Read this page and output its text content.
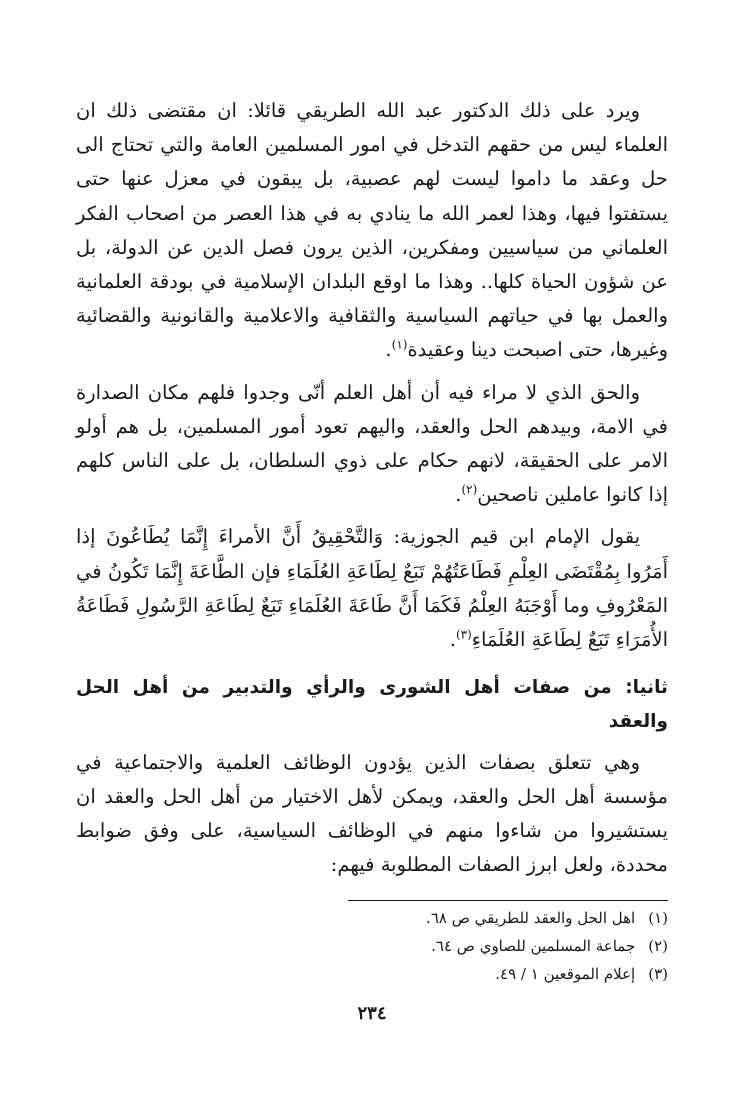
ويرد على ذلك الدكتور عبد الله الطريقي قائلا: ان مقتضى ذلك ان العلماء ليس من حقهم التدخل في امور المسلمين العامة والتي تحتاج الى حل وعقد ما داموا ليست لهم عصبية، بل يبقون في معزل عنها حتى يستفتوا فيها، وهذا لعمر الله ما ينادي به في هذا العصر من اصحاب الفكر العلماني من سياسيين ومفكرين، الذين يرون فصل الدين عن الدولة، بل عن شؤون الحياة كلها.. وهذا ما اوقع البلدان الإسلامية في بودقة العلمانية والعمل بها في حياتهم السياسية والثقافية والاعلامية والقانونية والقضائية وغيرها، حتى اصبحت دينا وعقيدة$^{(١)}$.

والحق الذي لا مراء فيه أن أهل العلم أنّى وجدوا فلهم مكان الصدارة في الامة، وبيدهم الحل والعقد، واليهم تعود أمور المسلمين، بل هم أولو الامر على الحقيقة، لانهم حكام على ذوي السلطان، بل على الناس كلهم إذا كانوا عاملين ناصحين$^{(٢)}$.

يقول الإمام ابن قيم الجوزية: وَالتَّحْقِيقُ أَنَّ الأمراءَ إِنَّمَا يُطَاعُونَ إذا أَمَرُوا بِمُقْتَضَى العِلْمِ فَطَاعَتُهُمْ تَبَعٌ لِطَاعَةِ العُلَمَاءِ فإن الطَّاعَةَ إِنَّمَا تَكُونُ في المَعْرُوفِ وما أَوْجَبَهُ العِلْمُ فَكَمَا أَنَّ طَاعَةَ العُلَمَاءِ تَبَعٌ لِطَاعَةِ الرَّسُولِ فَطَاعَةُ الأُمَرَاءِ تَبَعٌ لِطَاعَةِ العُلَمَاءِ$^{(٣)}$.

ثانيا: من صفات أهل الشورى والرأي والتدبير من أهل الحل والعقد

وهي تتعلق بصفات الذين يؤدون الوظائف العلمية والاجتماعية في مؤسسة أهل الحل والعقد، ويمكن لأهل الاختيار من أهل الحل والعقد ان يستشيروا من شاءوا منهم في الوظائف السياسية، على وفق ضوابط محددة، ولعل ابرز الصفات المطلوبة فيهم:

(١) اهل الحل والعقد للطريقي ص ٦٨.
(٢) جماعة المسلمين للصاوي ص ٦٤.
(٣) إعلام الموقعين ١ / ٤٩.
٢٣٤
